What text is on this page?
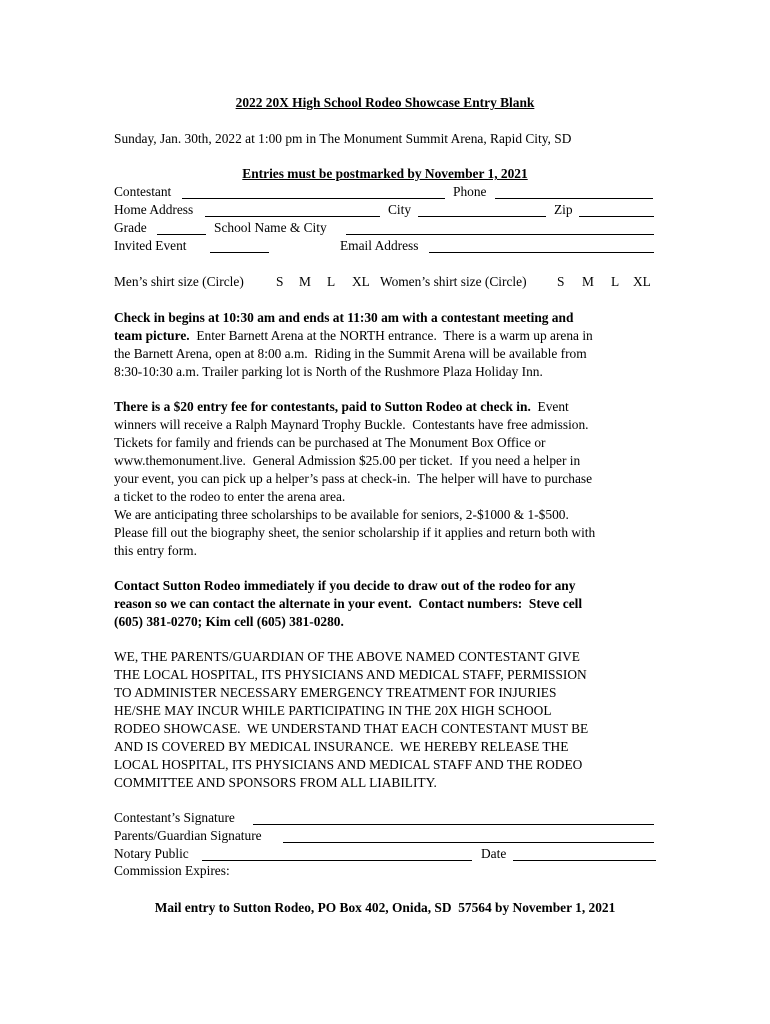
2022 20X High School Rodeo Showcase Entry Blank
Sunday, Jan. 30th, 2022 at 1:00 pm in The Monument Summit Arena, Rapid City, SD
Entries must be postmarked by November 1, 2021
Contestant	Phone
Home Address	City	Zip
Grade	School Name & City
Invited Event	Email Address
Men’s shirt size (Circle) S M L XL Women’s shirt size (Circle) S M L XL
Check in begins at 10:30 am and ends at 11:30 am with a contestant meeting and
team picture. Enter Barnett Arena at the NORTH entrance.  There is a warm up arena in
the Barnett Arena, open at 8:00 a.m.  Riding in the Summit Arena will be available from
8:30-10:30 a.m. Trailer parking lot is North of the Rushmore Plaza Holiday Inn.
There is a $20 entry fee for contestants, paid to Sutton Rodeo at check in. Event
winners will receive a Ralph Maynard Trophy Buckle.  Contestants have free admission.
Tickets for family and friends can be purchased at The Monument Box Office or
www.themonument.live.  General Admission $25.00 per ticket.  If you need a helper in
your event, you can pick up a helper’s pass at check-in.  The helper will have to purchase
a ticket to the rodeo to enter the arena area.
We are anticipating three scholarships to be available for seniors, 2-$1000 & 1-$500.
Please fill out the biography sheet, the senior scholarship if it applies and return both with
this entry form.
Contact Sutton Rodeo immediately if you decide to draw out of the rodeo for any
reason so we can contact the alternate in your event.  Contact numbers:  Steve cell
(605) 381-0270; Kim cell (605) 381-0280.
WE, THE PARENTS/GUARDIAN OF THE ABOVE NAMED CONTESTANT GIVE
THE LOCAL HOSPITAL, ITS PHYSICIANS AND MEDICAL STAFF, PERMISSION
TO ADMINISTER NECESSARY EMERGENCY TREATMENT FOR INJURIES
HE/SHE MAY INCUR WHILE PARTICIPATING IN THE 20X HIGH SCHOOL
RODEO SHOWCASE.  WE UNDERSTAND THAT EACH CONTESTANT MUST BE
AND IS COVERED BY MEDICAL INSURANCE.  WE HEREBY RELEASE THE
LOCAL HOSPITAL, ITS PHYSICIANS AND MEDICAL STAFF AND THE RODEO
COMMITTEE AND SPONSORS FROM ALL LIABILITY.
Contestant’s Signature
Parents/Guardian Signature
Notary Public	Date
Commission Expires:
Mail entry to Sutton Rodeo, PO Box 402, Onida, SD  57564 by November 1, 2021
